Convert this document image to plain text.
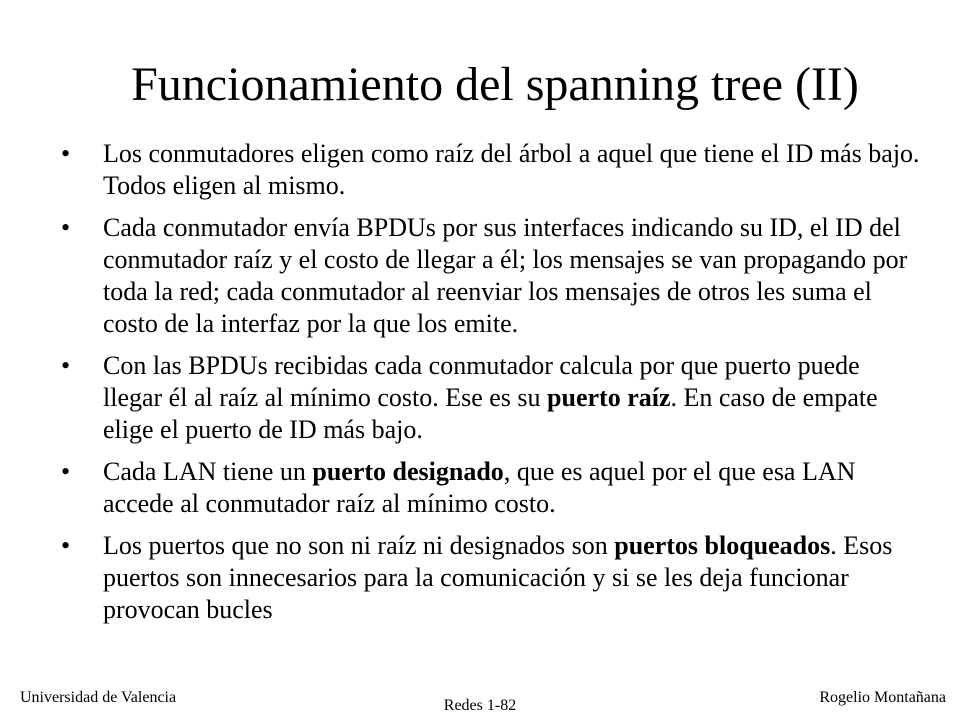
Funcionamiento del spanning tree (II)
• Los conmutadores eligen como raíz del árbol a aquel que tiene el ID más bajo. Todos eligen al mismo.
• Cada conmutador envía BPDUs por sus interfaces indicando su ID, el ID del conmutador raíz y el costo de llegar a él; los mensajes se van propagando por toda la red; cada conmutador al reenviar los mensajes de otros les suma el costo de la interfaz por la que los emite.
• Con las BPDUs recibidas cada conmutador calcula por que puerto puede llegar él al raíz al mínimo costo. Ese es su puerto raíz. En caso de empate elige el puerto de ID más bajo.
• Cada LAN tiene un puerto designado, que es aquel por el que esa LAN accede al conmutador raíz al mínimo costo.
• Los puertos que no son ni raíz ni designados son puertos bloqueados. Esos puertos son innecesarios para la comunicación y si se les deja funcionar provocan bucles
Universidad de Valencia	Redes 1-82	Rogelio Montañana
